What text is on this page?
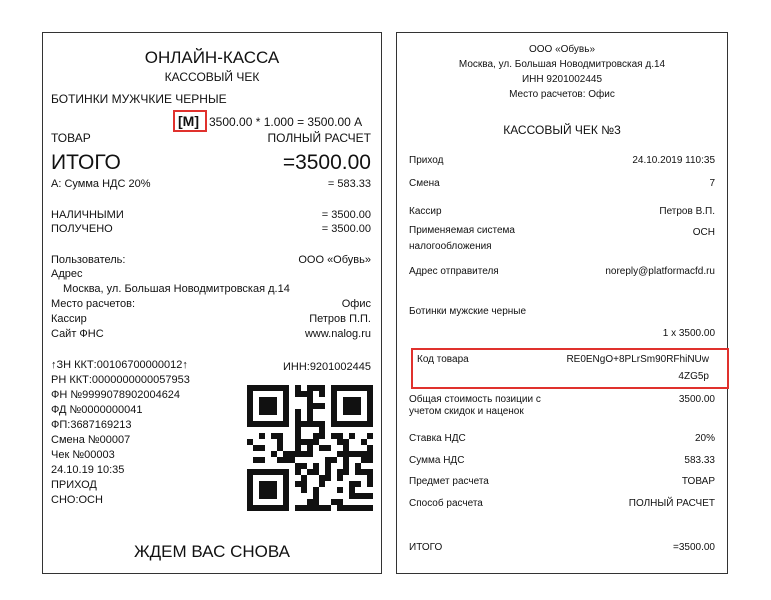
ОНЛАЙН-КАССА
КАССОВЫЙ ЧЕК
БОТИНКИ МУЖЧКИЕ ЧЕРНЫЕ
[M] 3500.00 * 1.000 = 3500.00 А
ТОВАР	ПОЛНЫЙ РАСЧЕТ
ИТОГО	=3500.00
А: Сумма НДС 20%	= 583.33
НАЛИЧНЫМИ	= 3500.00
ПОЛУЧЕНО	= 3500.00
Пользователь:	ООО «Обувь»
Адрес
Москва, ул. Большая Новодмитровская д.14
Место расчетов:	Офис
Кассир	Петров П.П.
Сайт ФНС	www.nalog.ru
↑ЗН ККТ:00106700000012↑	ИНН:9201002445
РН ККТ:0000000000057953
ФН №9999078902004624
ФД №0000000041
ФП:3687169213
Смена №00007
Чек №00003
24.10.19 10:35
ПРИХОД
СНО:ОСН
ЖДЕМ ВАС СНОВА
ООО «Обувь»
Москва, ул. Большая Новодмитровская д.14
ИНН 9201002445
Место расчетов: Офис
КАССОВЫЙ ЧЕК №3
Приход	24.10.2019 110:35
Смена	7
Кассир	Петров В.П.
Применяемая система
налогообложения
ОСН
Адрес отправителя	noreply@platformacfd.ru
Ботинки мужские черные
1 x 3500.00
Код товара	RE0ENgO+8PLrSm90RFhiNUw
4ZG5p
Общая стоимость позиции с
учетом скидок и наценок
3500.00
Ставка НДС	20%
Сумма НДС	583.33
Предмет расчета	ТОВАР
Способ расчета	ПОЛНЫЙ РАСЧЕТ
ИТОГО	=3500.00
